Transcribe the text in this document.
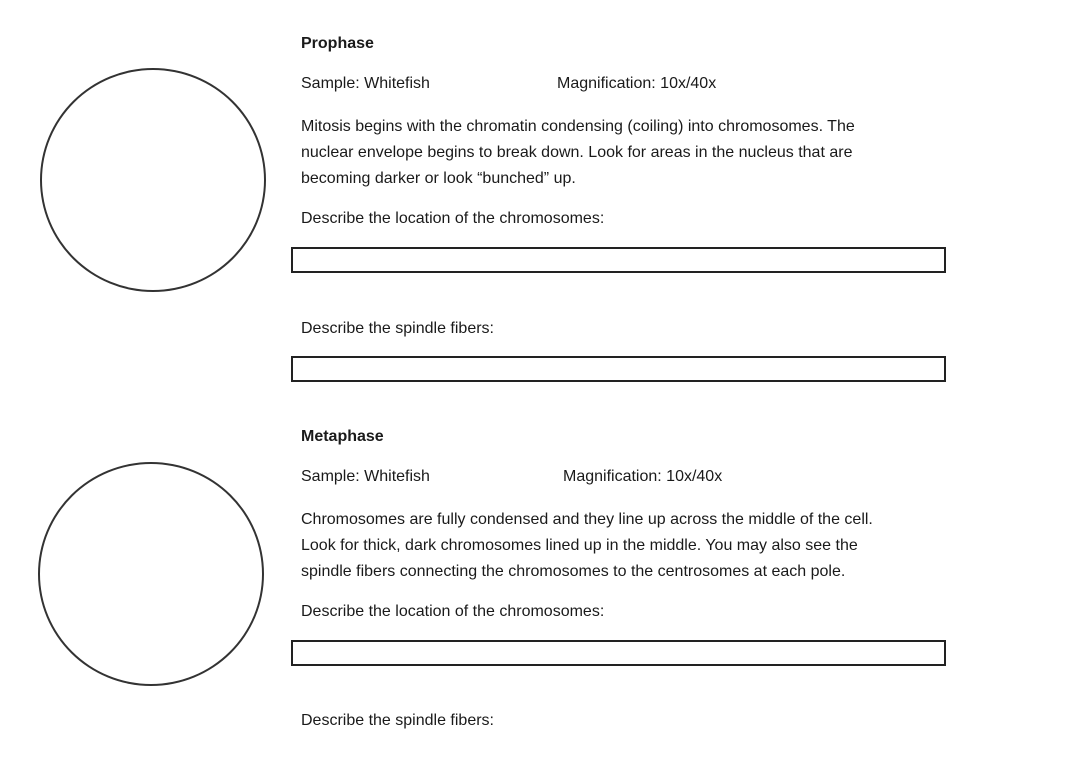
Prophase
Sample: Whitefish	Magnification: 10x/40x
Mitosis begins with the chromatin condensing (coiling) into chromosomes. The
nuclear envelope begins to break down. Look for areas in the nucleus that are
becoming darker or look “bunched” up.
Describe the location of the chromosomes:
Describe the spindle fibers:
Metaphase
Sample: Whitefish	Magnification: 10x/40x
Chromosomes are fully condensed and they line up across the middle of the cell.
Look for thick, dark chromosomes lined up in the middle. You may also see the
spindle fibers connecting the chromosomes to the centrosomes at each pole.
Describe the location of the chromosomes:
Describe the spindle fibers:
